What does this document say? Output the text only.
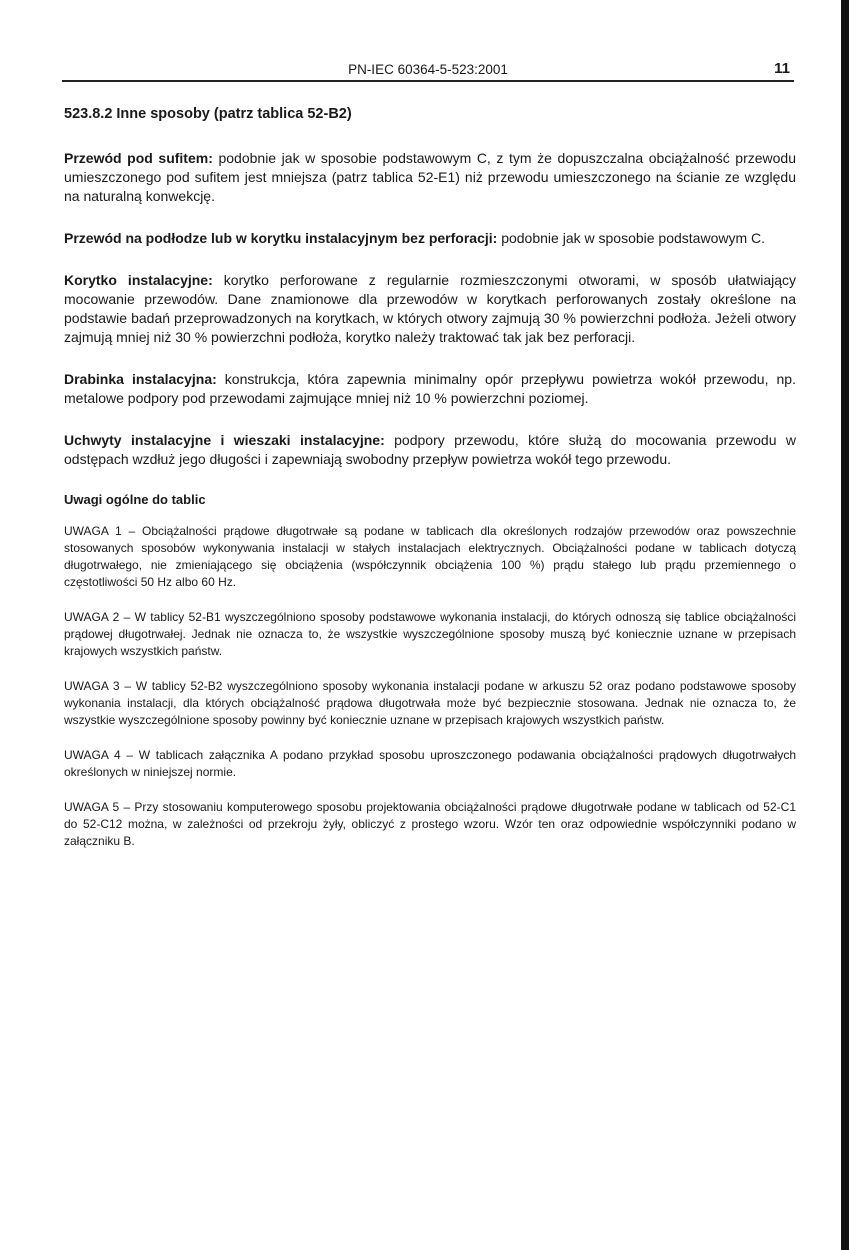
PN-IEC 60364-5-523:2001	11
523.8.2 Inne sposoby (patrz tablica 52-B2)

Przewód pod sufitem: podobnie jak w sposobie podstawowym C, z tym że dopuszczalna obciążalność przewodu umieszczonego pod sufitem jest mniejsza (patrz tablica 52-E1) niż przewodu umieszczonego na ścianie ze względu na naturalną konwekcję.

Przewód na podłodze lub w korytku instalacyjnym bez perforacji: podobnie jak w sposobie podstawowym C.

Korytko instalacyjne: korytko perforowane z regularnie rozmieszczonymi otworami, w sposób ułatwiający mocowanie przewodów. Dane znamionowe dla przewodów w korytkach perforowanych zostały określone na podstawie badań przeprowadzonych na korytkach, w których otwory zajmują 30 % powierzchni podłoża. Jeżeli otwory zajmują mniej niż 30 % powierzchni podłoża, korytko należy traktować tak jak bez perforacji.

Drabinka instalacyjna: konstrukcja, która zapewnia minimalny opór przepływu powietrza wokół przewodu, np. metalowe podpory pod przewodami zajmujące mniej niż 10 % powierzchni poziomej.

Uchwyty instalacyjne i wieszaki instalacyjne: podpory przewodu, które służą do mocowania przewodu w odstępach wzdłuż jego długości i zapewniają swobodny przepływ powietrza wokół tego przewodu.

Uwagi ogólne do tablic

UWAGA 1 – Obciążalności prądowe długotrwałe są podane w tablicach dla określonych rodzajów przewodów oraz powszechnie stosowanych sposobów wykonywania instalacji w stałych instalacjach elektrycznych. Obciążalności podane w tablicach dotyczą długotrwałego, nie zmieniającego się obciążenia (współczynnik obciążenia 100 %) prądu stałego lub prądu przemiennego o częstotliwości 50 Hz albo 60 Hz.

UWAGA 2 – W tablicy 52-B1 wyszczególniono sposoby podstawowe wykonania instalacji, do których odnoszą się tablice obciążalności prądowej długotrwałej. Jednak nie oznacza to, że wszystkie wyszczególnione sposoby muszą być koniecznie uznane w przepisach krajowych wszystkich państw.

UWAGA 3 – W tablicy 52-B2 wyszczególniono sposoby wykonania instalacji podane w arkuszu 52 oraz podano podstawowe sposoby wykonania instalacji, dla których obciążalność prądowa długotrwała może być bezpiecznie stosowana. Jednak nie oznacza to, że wszystkie wyszczególnione sposoby powinny być koniecznie uznane w przepisach krajowych wszystkich państw.

UWAGA 4 – W tablicach załącznika A podano przykład sposobu uproszczonego podawania obciążalności prądowych długotrwałych określonych w niniejszej normie.

UWAGA 5 – Przy stosowaniu komputerowego sposobu projektowania obciążalności prądowe długotrwałe podane w tablicach od 52-C1 do 52-C12 można, w zależności od przekroju żyły, obliczyć z prostego wzoru. Wzór ten oraz odpowiednie współczynniki podano w załączniku B.
